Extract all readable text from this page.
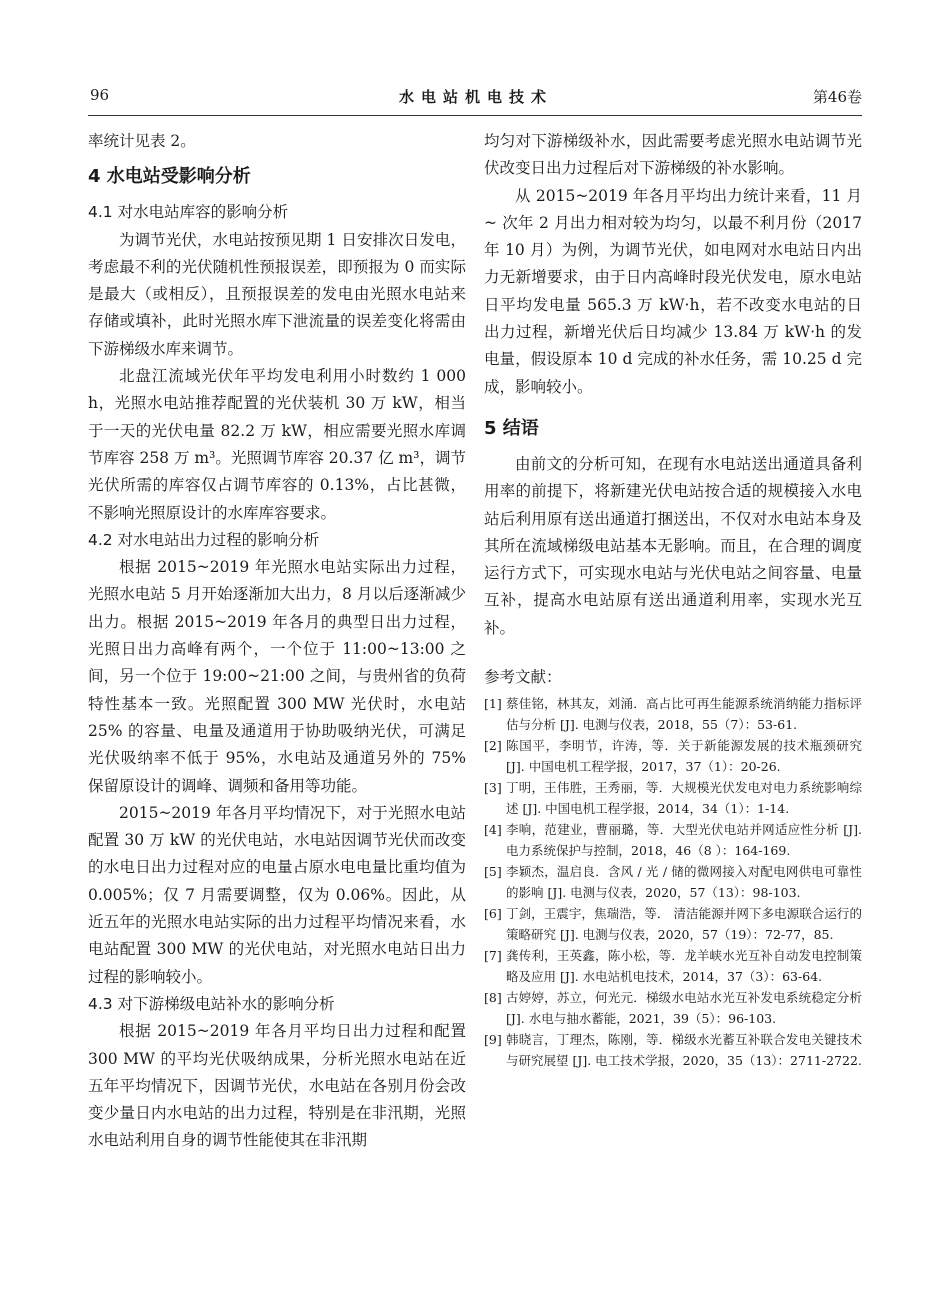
96	水电站机电技术	第46卷

率统计见表 2。

4 水电站受影响分析
4.1 对水电站库容的影响分析

为调节光伏，水电站按预见期 1 日安排次日发电，考虑最不利的光伏随机性预报误差，即预报为 0 而实际是最大（或相反），且预报误差的发电由光照水电站来存储或填补，此时光照水库下泄流量的误差变化将需由下游梯级水库来调节。

北盘江流域光伏年平均发电利用小时数约 1 000 h，光照水电站推荐配置的光伏装机 30 万 kW，相当于一天的光伏电量 82.2 万 kW，相应需要光照水库调节库容 258 万 m³。光照调节库容 20.37 亿 m³，调节光伏所需的库容仅占调节库容的 0.13%，占比甚微，不影响光照原设计的水库库容要求。

4.2 对水电站出力过程的影响分析

根据 2015~2019 年光照水电站实际出力过程，光照水电站 5 月开始逐渐加大出力，8 月以后逐渐减少出力。根据 2015~2019 年各月的典型日出力过程，光照日出力高峰有两个，一个位于 11:00~13:00 之间，另一个位于 19:00~21:00 之间，与贵州省的负荷特性基本一致。光照配置 300 MW 光伏时，水电站 25% 的容量、电量及通道用于协助吸纳光伏，可满足光伏吸纳率不低于 95%，水电站及通道另外的 75% 保留原设计的调峰、调频和备用等功能。

2015~2019 年各月平均情况下，对于光照水电站配置 30 万 kW 的光伏电站，水电站因调节光伏而改变的水电日出力过程对应的电量占原水电电量比重均值为 0.005%；仅 7 月需要调整，仅为 0.06%。因此，从近五年的光照水电站实际的出力过程平均情况来看，水电站配置 300 MW 的光伏电站，对光照水电站日出力过程的影响较小。

4.3 对下游梯级电站补水的影响分析

根据 2015~2019 年各月平均日出力过程和配置 300 MW 的平均光伏吸纳成果，分析光照水电站在近五年平均情况下，因调节光伏，水电站在各别月份会改变少量日内水电站的出力过程，特别是在非汛期，光照水电站利用自身的调节性能使其在非汛期

均匀对下游梯级补水，因此需要考虑光照水电站调节光伏改变日出力过程后对下游梯级的补水影响。

从 2015~2019 年各月平均出力统计来看，11 月 ~ 次年 2 月出力相对较为均匀，以最不利月份（2017 年 10 月）为例，为调节光伏，如电网对水电站日内出力无新增要求，由于日内高峰时段光伏发电，原水电站日平均发电量 565.3 万 kW·h，若不改变水电站的日出力过程，新增光伏后日均减少 13.84 万 kW·h 的发电量，假设原本 10 d 完成的补水任务，需 10.25 d 完成，影响较小。

5 结语

由前文的分析可知，在现有水电站送出通道具备利用率的前提下，将新建光伏电站按合适的规模接入水电站后利用原有送出通道打捆送出，不仅对水电站本身及其所在流域梯级电站基本无影响。而且，在合理的调度运行方式下，可实现水电站与光伏电站之间容量、电量互补，提高水电站原有送出通道利用率，实现水光互补。

参考文献：
[1] 蔡佳铭，林其友，刘涌．高占比可再生能源系统消纳能力指标评估与分析 [J]. 电测与仪表，2018，55（7）：53-61.
[2] 陈国平，李明节，许涛，等．关于新能源发展的技术瓶颈研究 [J]. 中国电机工程学报，2017，37（1）：20-26.
[3] 丁明，王伟胜，王秀丽，等．大规模光伏发电对电力系统影响综述 [J]. 中国电机工程学报，2014，34（1）：1-14.
[4] 李响，范建业，曹丽璐，等．大型光伏电站并网适应性分析 [J]. 电力系统保护与控制，2018，46（8 ）：164-169.
[5] 李颖杰，温启良．含风 / 光 / 储的微网接入对配电网供电可靠性的影响 [J]. 电测与仪表，2020，57（13）：98-103.
[6] 丁剑，王震宇，焦瑞浩，等． 清洁能源并网下多电源联合运行的策略研究 [J]. 电测与仪表，2020，57（19）：72-77，85.
[7] 龚传利，王英鑫，陈小松，等．龙羊峡水光互补自动发电控制策略及应用 [J]. 水电站机电技术，2014，37（3）：63-64.
[8] 古婷婷，苏立，何光元．梯级水电站水光互补发电系统稳定分析 [J]. 水电与抽水蓄能，2021，39（5）：96-103.
[9] 韩晓言，丁理杰，陈刚，等．梯级水光蓄互补联合发电关键技术与研究展望 [J]. 电工技术学报，2020，35（13）：2711-2722.
